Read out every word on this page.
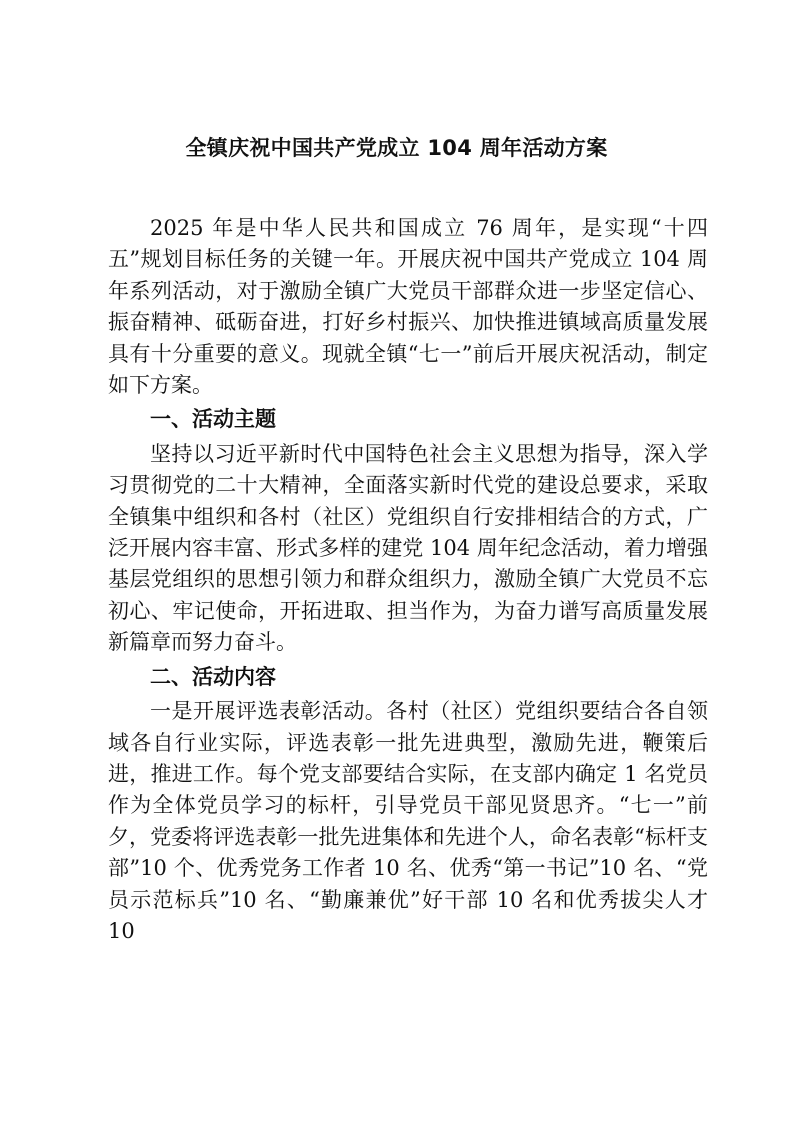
全镇庆祝中国共产党成立 104 周年活动方案

2025 年是中华人民共和国成立 76 周年，是实现“十四五”规划目标任务的关键一年。开展庆祝中国共产党成立 104 周年系列活动，对于激励全镇广大党员干部群众进一步坚定信心、振奋精神、砥砺奋进，打好乡村振兴、加快推进镇域高质量发展具有十分重要的意义。现就全镇“七一”前后开展庆祝活动，制定如下方案。

一、活动主题

坚持以习近平新时代中国特色社会主义思想为指导，深入学习贯彻党的二十大精神，全面落实新时代党的建设总要求，采取全镇集中组织和各村（社区）党组织自行安排相结合的方式，广泛开展内容丰富、形式多样的建党 104 周年纪念活动，着力增强基层党组织的思想引领力和群众组织力，激励全镇广大党员不忘初心、牢记使命，开拓进取、担当作为，为奋力谱写高质量发展新篇章而努力奋斗。

二、活动内容

一是开展评选表彰活动。各村（社区）党组织要结合各自领域各自行业实际，评选表彰一批先进典型，激励先进，鞭策后进，推进工作。每个党支部要结合实际，在支部内确定 1 名党员作为全体党员学习的标杆，引导党员干部见贤思齐。“七一”前夕，党委将评选表彰一批先进集体和先进个人，命名表彰“标杆支部”10 个、优秀党务工作者 10 名、优秀“第一书记”10 名、“党员示范标兵”10 名、“勤廉兼优”好干部 10 名和优秀拔尖人才 10
